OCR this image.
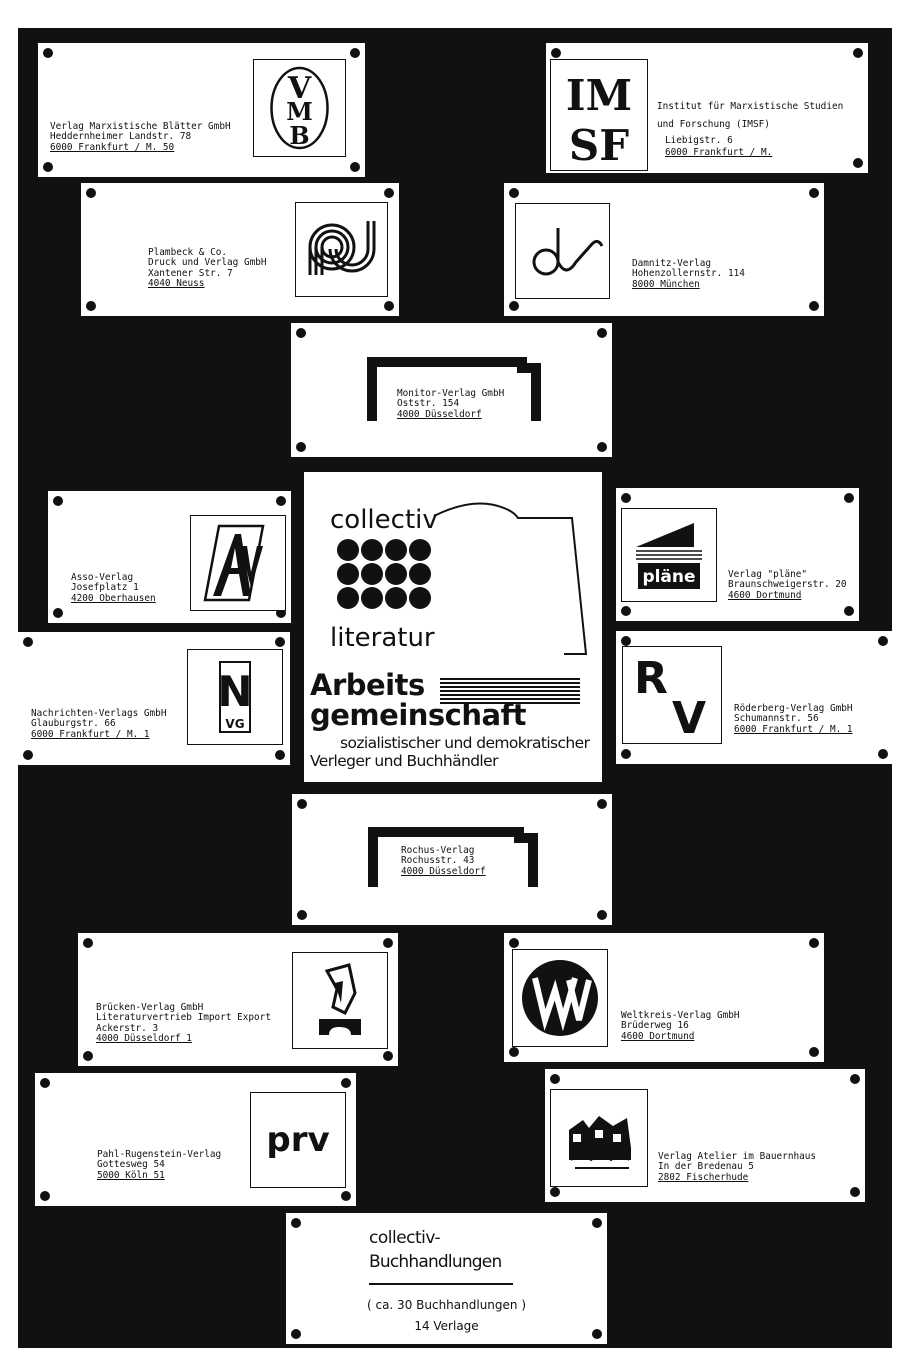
Verlag Marxistische Blätter GmbH
Heddernheimer Landstr. 78
6000 Frankfurt / M. 50
V
M
B
IM
SF
Institut für Marxistische Studien
und Forschung (IMSF)
Liebigstr. 6
6000 Frankfurt / M.
Plambeck & Co.
Druck und Verlag GmbH
Xantener Str. 7
4040 Neuss
Damnitz-Verlag
Hohenzollernstr. 114
8000 München
Monitor-Verlag GmbH
Oststr. 154
4000 Düsseldorf
Asso-Verlag
Josefplatz 1
4200 Oberhausen
collectiv
literatur
Arbeits
gemeinschaft
sozialistischer und demokratischer
Verleger und Buchhändler
pläne	Verlag "pläne"
Braunschweigerstr. 20
4600 Dortmund
Nachrichten-Verlags GmbH
Glauburgstr. 66
6000 Frankfurt / M. 1
N
VG
R
V	Röderberg-Verlag GmbH
Schumannstr. 56
6000 Frankfurt / M. 1
Rochus-Verlag
Rochusstr. 43
4000 Düsseldorf
Brücken-Verlag GmbH
Literaturvertrieb Import Export
Ackerstr. 3
4000 Düsseldorf 1
Weltkreis-Verlag GmbH
Brüderweg 16
4600 Dortmund
Pahl-Rugenstein-Verlag
Gottesweg 54
5000 Köln 51
prv	Verlag Atelier im Bauernhaus
In der Bredenau 5
2802 Fischerhude
collectiv-
Buchhandlungen
( ca. 30 Buchhandlungen )
14 Verlage
